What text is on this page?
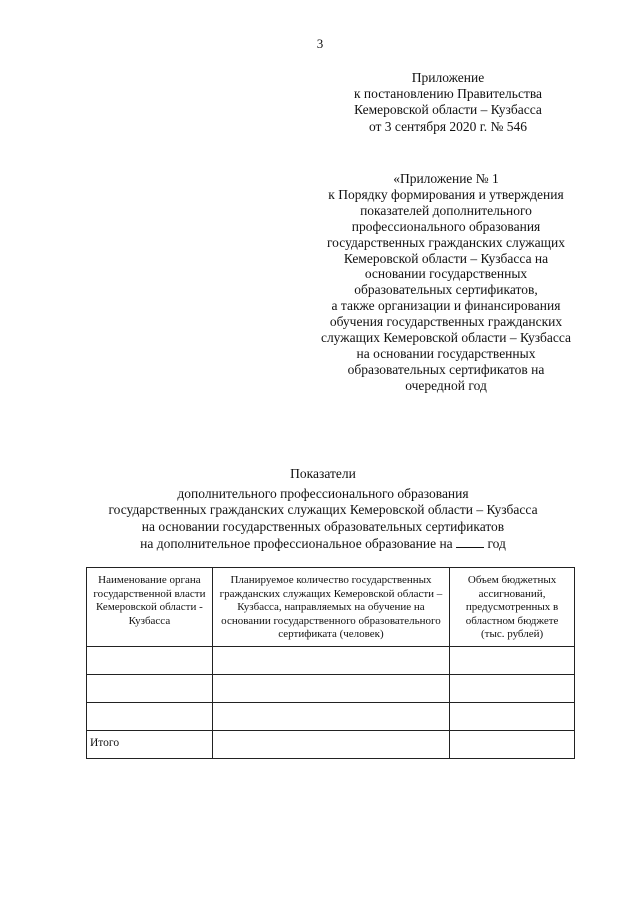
3
Приложение
к постановлению Правительства
Кемеровской области – Кузбасса
от 3 сентября 2020 г. № 546
«Приложение № 1
к Порядку формирования и утверждения
показателей дополнительного
профессионального образования
государственных гражданских служащих
Кемеровской области – Кузбасса на
основании государственных
образовательных сертификатов,
а также организации и финансирования
обучения государственных гражданских
служащих Кемеровской области – Кузбасса
на основании государственных
образовательных сертификатов на
очередной год
Показатели
дополнительного профессионального образования
государственных гражданских служащих Кемеровской области – Кузбасса
на основании государственных образовательных сертификатов
на дополнительное профессиональное образование на	год
Наименование органа государственной власти Кемеровской области - Кузбасса	Планируемое количество государственных гражданских служащих Кемеровской области – Кузбасса, направляемых на обучение на основании государственного образовательного сертификата (человек)	Объем бюджетных ассигнований, предусмотренных в областном бюджете (тыс. рублей)

Итого		
